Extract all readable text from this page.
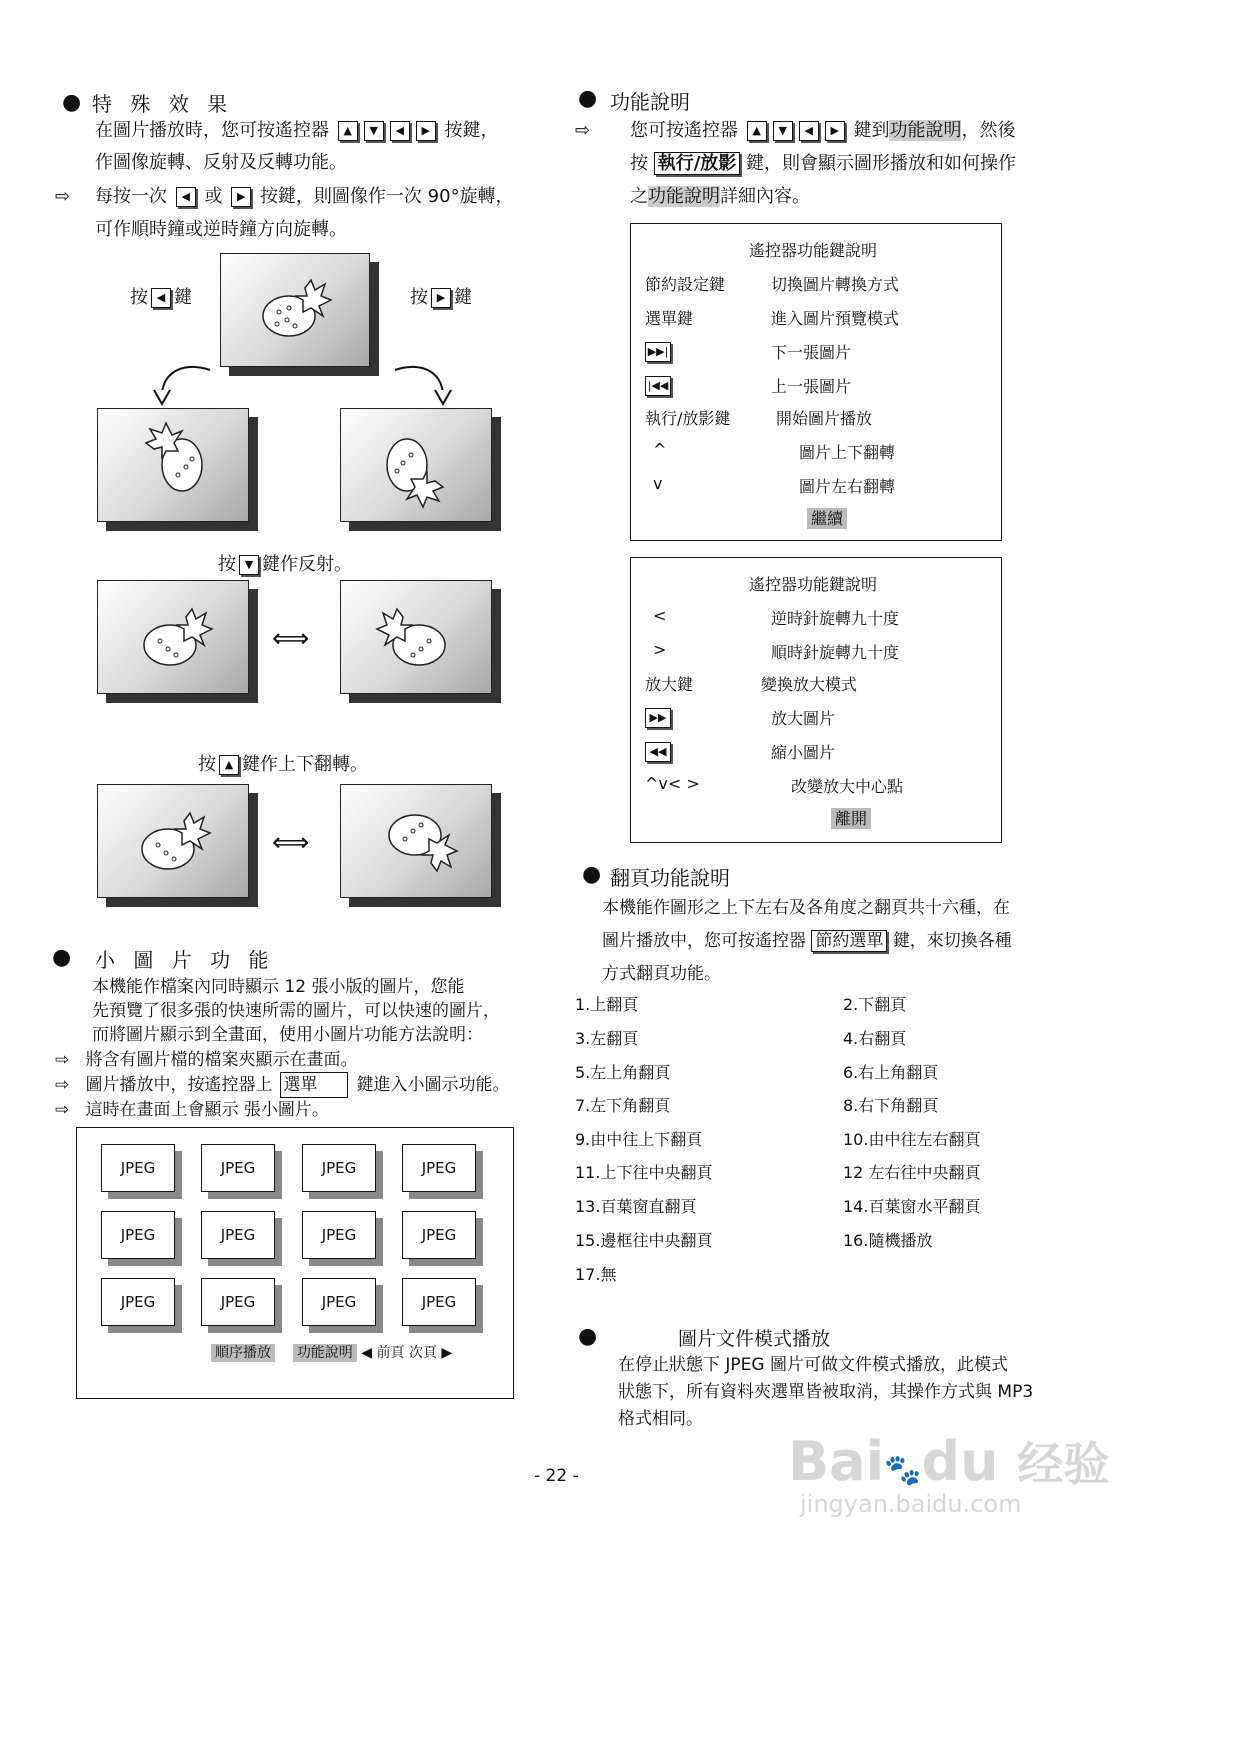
● 特 殊 效 果
在圖片播放時，您可按遙控器 ▲ ▼ ◀ ▶ 按鍵，
作圖像旋轉、反射及反轉功能。
⇨ 每按一次 ◀ 或 ▶ 按鍵，則圖像作一次 90°旋轉，
可作順時鐘或逆時鐘方向旋轉。
按 ◀ 鍵	按 ▶ 鍵
按 ▼ 鍵作反射。
⟺
按 ▲ 鍵作上下翻轉。
⟺
● 小 圖 片 功 能
本機能作檔案內同時顯示 12 張小版的圖片，您能
先預覽了很多張的快速所需的圖片，可以快速的圖片，
而將圖片顯示到全畫面，使用小圖片功能方法說明：
⇨ 將含有圖片檔的檔案夾顯示在畫面。
⇨ 圖片播放中，按遙控器上 選單 鍵進入小圖示功能。
⇨ 這時在畫面上會顯示 張小圖片。
JPEG	JPEG	JPEG	JPEG
JPEG	JPEG	JPEG	JPEG
JPEG	JPEG	JPEG	JPEG
順序播放 功能說明 ◀ 前頁 次頁 ▶
● 功能說明
⇨ 您可按遙控器 ▲ ▼ ◀ ▶ 鍵到功能說明，然後
按 執行/放影 鍵，則會顯示圖形播放和如何操作
之功能說明詳細內容。
遙控器功能鍵說明
節約設定鍵	切換圖片轉換方式
選單鍵	進入圖片預覽模式
▶▶|	下一張圖片
|◀◀	上一張圖片
執行/放影鍵	開始圖片播放
^	圖片上下翻轉
v	圖片左右翻轉
繼續
遙控器功能鍵說明
<	逆時針旋轉九十度
>	順時針旋轉九十度
放大鍵	變換放大模式
▶▶	放大圖片
◀◀	縮小圖片
^v< >	改變放大中心點
離開
● 翻頁功能說明
本機能作圖形之上下左右及各角度之翻頁共十六種，在
圖片播放中，您可按遙控器 節約選單 鍵，來切換各種
方式翻頁功能。
1.上翻頁	2.下翻頁
3.左翻頁	4.右翻頁
5.左上角翻頁	6.右上角翻頁
7.左下角翻頁	8.右下角翻頁
9.由中往上下翻頁	10.由中往左右翻頁
11.上下往中央翻頁	12 左右往中央翻頁
13.百葉窗直翻頁	14.百葉窗水平翻頁
15.邊框往中央翻頁	16.隨機播放
17.無
●	圖片文件模式播放
在停止狀態下 JPEG 圖片可做文件模式播放，此模式
狀態下，所有資料夾選單皆被取消，其操作方式與 MP3
格式相同。
- 22 -	Bai🐾du 经验
jingyan.baidu.com
